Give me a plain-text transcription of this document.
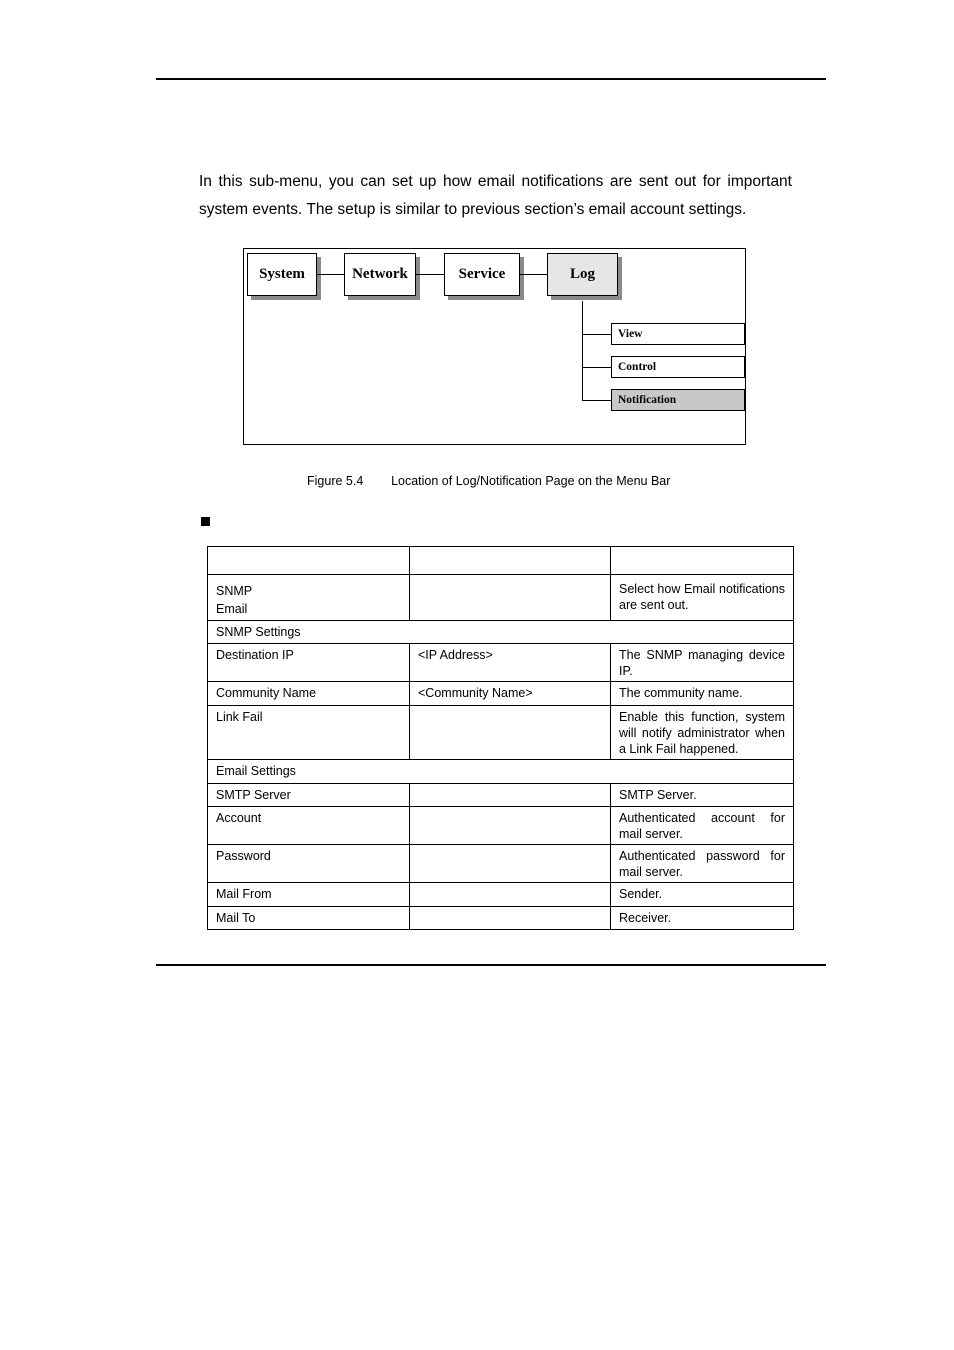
In this sub-menu, you can set up how email notifications are sent out for important system events. The setup is similar to previous section’s email account settings.

System	Network	Service	Log
View
Control
Notification
Figure 5.4        Location of Log/Notification Page on the Menu Bar

SNMP
Email		Select how Email notifications are sent out.
SNMP Settings		
Destination IP	<IP Address>	The SNMP managing device IP.
Community Name	<Community Name>	The community name.
Link Fail		Enable this function, system will notify administrator when a Link Fail happened.
Email Settings		
SMTP Server		SMTP Server.
Account		Authenticated account for mail server.
Password		Authenticated password for mail server.
Mail From		Sender.
Mail To		Receiver.
